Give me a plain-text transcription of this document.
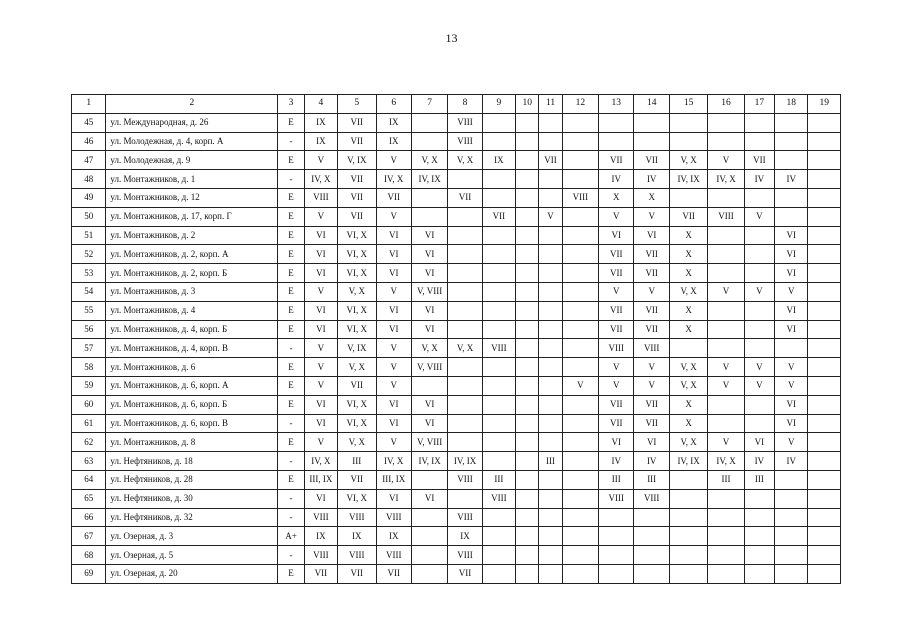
13
1	2	3	4	5	6	7	8	9	10	11	12	13	14	15	16	17	18	19
45	ул. Международная, д. 26	Е	IX	VII	IX		VIII											
46	ул. Молодежная, д. 4, корп. А	-	IX	VII	IX		VIII											
47	ул. Молодежная, д. 9	Е	V	V, IX	V	V, X	V, X	IX		VII		VII	VII	V, X	V	VII		
48	ул. Монтажников, д. 1	-	IV, X	VII	IV, X	IV, IX						IV	IV	IV, IX	IV, X	IV	IV	
49	ул. Монтажников, д. 12	Е	VIII	VII	VII		VII				VIII	X	X					
50	ул. Монтажников, д. 17, корп. Г	Е	V	VII	V			VII		V		V	V	VII	VIII	V		
51	ул. Монтажников, д. 2	Е	VI	VI, X	VI	VI						VI	VI	X			VI	
52	ул. Монтажников, д. 2, корп. А	Е	VI	VI, X	VI	VI						VII	VII	X			VI	
53	ул. Монтажников, д. 2, корп. Б	Е	VI	VI, X	VI	VI						VII	VII	X			VI	
54	ул. Монтажников, д. 3	Е	V	V, X	V	V, VIII						V	V	V, X	V	V	V	
55	ул. Монтажников, д. 4	Е	VI	VI, X	VI	VI						VII	VII	X			VI	
56	ул. Монтажников, д. 4, корп. Б	Е	VI	VI, X	VI	VI						VII	VII	X			VI	
57	ул. Монтажников, д. 4, корп. В	-	V	V, IX	V	V, X	V, X	VIII				VIII	VIII					
58	ул. Монтажников, д. 6	Е	V	V, X	V	V, VIII						V	V	V, X	V	V	V	
59	ул. Монтажников, д. 6, корп. А	Е	V	VII	V						V	V	V	V, X	V	V	V	
60	ул. Монтажников, д. 6, корп. Б	Е	VI	VI, X	VI	VI						VII	VII	X			VI	
61	ул. Монтажников, д. 6, корп. В	-	VI	VI, X	VI	VI						VII	VII	X			VI	
62	ул. Монтажников, д. 8	Е	V	V, X	V	V, VIII						VI	VI	V, X	V	VI	V	
63	ул. Нефтяников, д. 18	-	IV, X	III	IV, X	IV, IX	IV, IX			III		IV	IV	IV, IX	IV, X	IV	IV	
64	ул. Нефтяников, д. 28	Е	III, IX	VII	III, IX		VIII	III				III	III		III	III		
65	ул. Нефтяников, д. 30	-	VI	VI, X	VI	VI		VIII				VIII	VIII					
66	ул. Нефтяников, д. 32	-	VIII	VIII	VIII		VIII											
67	ул. Озерная, д. 3	А+	IX	IX	IX		IX											
68	ул. Озерная, д. 5	-	VIII	VIII	VIII		VIII											
69	ул. Озерная, д. 20	Е	VII	VII	VII		VII											
